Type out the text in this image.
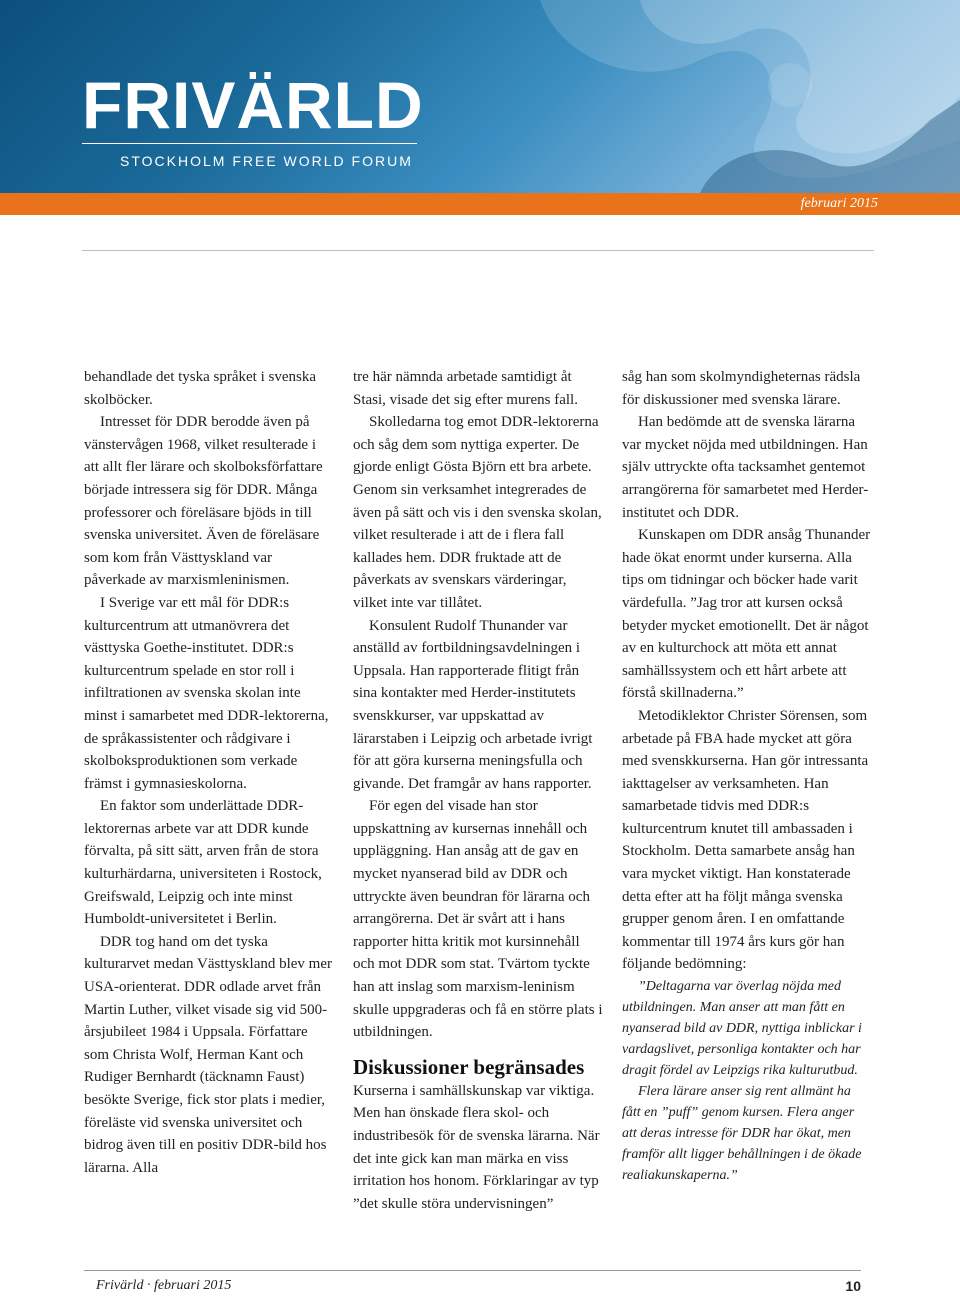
FRIVÄRLD
STOCKHOLM FREE WORLD FORUM
februari 2015

behandlade det tyska språket i svenska skolböcker.

Intresset för DDR berodde även på vänstervågen 1968, vilket resulterade i att allt fler lärare och skolboksförfattare började intressera sig för DDR. Många professorer och föreläsare bjöds in till svenska universitet. Även de föreläsare som kom från Västtyskland var påverkade av marxismleninismen.

I Sverige var ett mål för DDR:s kulturcentrum att utmanövrera det västtyska Goethe-institutet. DDR:s kulturcentrum spelade en stor roll i infiltrationen av svenska skolan inte minst i samarbetet med DDR-lektorerna, de språkassistenter och rådgivare i skolboksproduktionen som verkade främst i gymnasieskolorna.

En faktor som underlättade DDR-lektorernas arbete var att DDR kunde förvalta, på sitt sätt, arven från de stora kulturhärdarna, universiteten i Rostock, Greifswald, Leipzig och inte minst Humboldt-universitetet i Berlin.

DDR tog hand om det tyska kulturarvet medan Västtyskland blev mer USA-orienterat. DDR odlade arvet från Martin Luther, vilket visade sig vid 500-årsjubileet 1984 i Uppsala. Författare som Christa Wolf, Herman Kant och Rudiger Bernhardt (täcknamn Faust) besökte Sverige, fick stor plats i medier, föreläste vid svenska universitet och bidrog även till en positiv DDR-bild hos lärarna. Alla

tre här nämnda arbetade samtidigt åt Stasi, visade det sig efter murens fall.

Skolledarna tog emot DDR-lektorerna och såg dem som nyttiga experter. De gjorde enligt Gösta Björn ett bra arbete. Genom sin verksamhet integrerades de även på sätt och vis i den svenska skolan, vilket resulterade i att de i flera fall kallades hem. DDR fruktade att de påverkats av svenskars värderingar, vilket inte var tillåtet.

Konsulent Rudolf Thunander var anställd av fortbildningsavdelningen i Uppsala. Han rapporterade flitigt från sina kontakter med Herder-institutets svenskkurser, var uppskattad av lärarstaben i Leipzig och arbetade ivrigt för att göra kurserna meningsfulla och givande. Det framgår av hans rapporter.

För egen del visade han stor uppskattning av kursernas innehåll och uppläggning. Han ansåg att de gav en mycket nyanserad bild av DDR och uttryckte även beundran för lärarna och arrangörerna. Det är svårt att i hans rapporter hitta kritik mot kursinnehåll och mot DDR som stat. Tvärtom tyckte han att inslag som marxism-leninism skulle uppgraderas och få en större plats i utbildningen.

Diskussioner begränsades

Kurserna i samhällskunskap var viktiga. Men han önskade flera skol- och industribesök för de svenska lärarna. När det inte gick kan man märka en viss irritation hos honom. Förklaringar av typ ”det skulle störa undervisningen”

såg han som skolmyndigheternas rädsla för diskussioner med svenska lärare.

Han bedömde att de svenska lärarna var mycket nöjda med utbildningen. Han själv uttryckte ofta tacksamhet gentemot arrangörerna för samarbetet med Herder-institutet och DDR.

Kunskapen om DDR ansåg Thunander hade ökat enormt under kurserna. Alla tips om tidningar och böcker hade varit värdefulla. ”Jag tror att kursen också betyder mycket emotionellt. Det är något av en kulturchock att möta ett annat samhällssystem och ett hårt arbete att förstå skillnaderna.”

Metodiklektor Christer Sörensen, som arbetade på FBA hade mycket att göra med svenskkurserna. Han gör intressanta iakttagelser av verksamheten. Han samarbetade tidvis med DDR:s kulturcentrum knutet till ambassaden i Stockholm. Detta samarbete ansåg han vara mycket viktigt. Han konstaterade detta efter att ha följt många svenska grupper genom åren. I en omfattande kommentar till 1974 års kurs gör han följande bedömning:

”Deltagarna var överlag nöjda med utbildningen. Man anser att man fått en nyanserad bild av DDR, nyttiga inblickar i vardagslivet, personliga kontakter och har dragit fördel av Leipzigs rika kulturutbud.

Flera lärare anser sig rent allmänt ha fått en ”puff” genom kursen. Flera anger att deras intresse för DDR har ökat, men framför allt ligger behållningen i de ökade realiakunskaperna.”

Frivärld · februari 2015	10
